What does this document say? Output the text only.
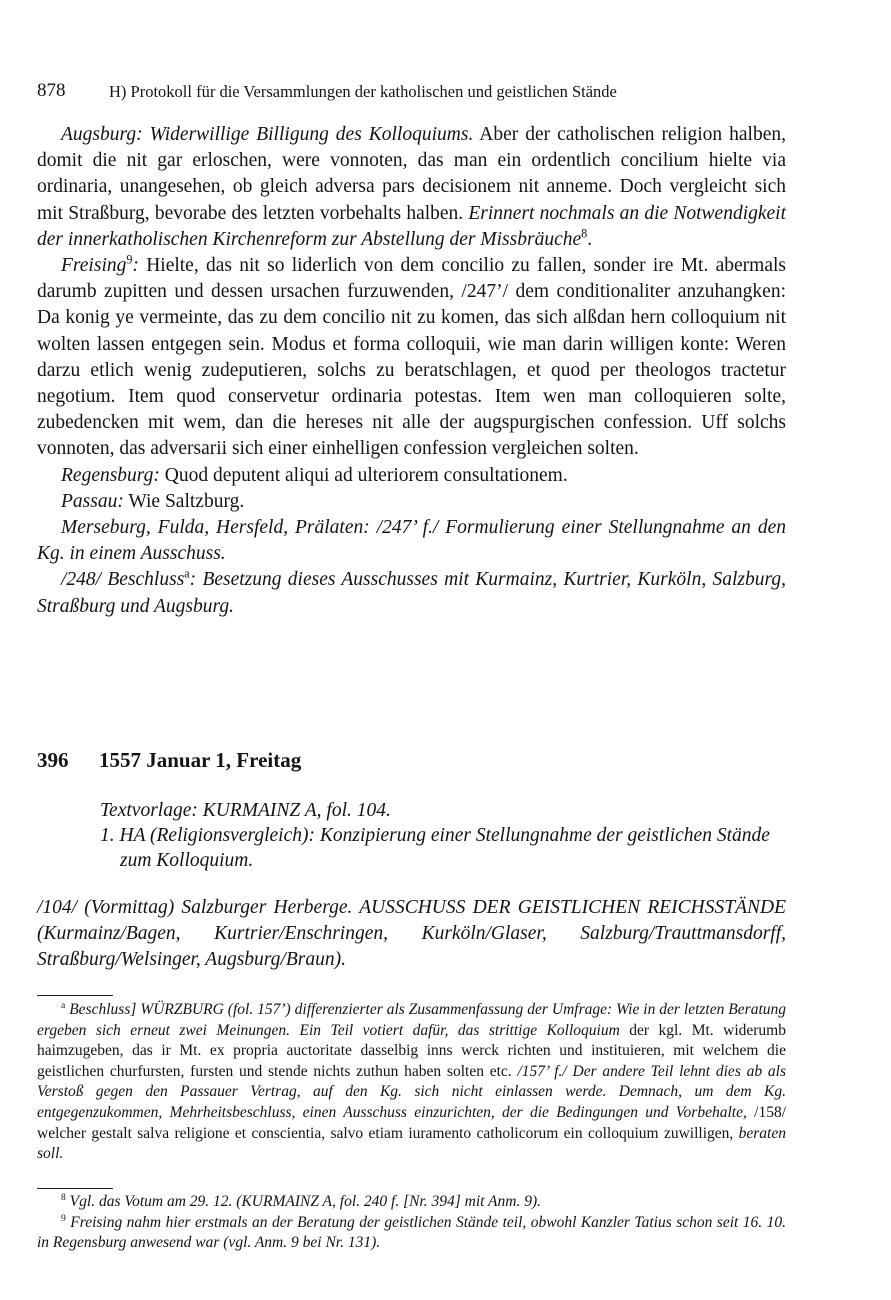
878	H) Protokoll für die Versammlungen der katholischen und geistlichen Stände

Augsburg: Widerwillige Billigung des Kolloquiums. Aber der catholischen religion halben, domit die nit gar erloschen, were vonnoten, das man ein ordentlich concilium hielte via ordinaria, unangesehen, ob gleich adversa pars decisionem nit anneme. Doch vergleicht sich mit Straßburg, bevorabe des letzten vorbehalts halben. Erinnert nochmals an die Notwendigkeit der innerkatholischen Kirchenreform zur Abstellung der Missbräuche$^8$.

Freising$^9$: Hielte, das nit so liderlich von dem concilio zu fallen, sonder ire Mt. abermals darumb zupitten und dessen ursachen furzuwenden, /247’/ dem conditionaliter anzuhangken: Da konig ye vermeinte, das zu dem concilio nit zu komen, das sich alßdan hern colloquium nit wolten lassen entgegen sein. Modus et forma colloquii, wie man darin willigen konte: Weren darzu etlich wenig zudeputieren, solchs zu beratschlagen, et quod per theologos tractetur negotium. Item quod conservetur ordinaria potestas. Item wen man colloquieren solte, zubedencken mit wem, dan die hereses nit alle der augspurgischen confession. Uff solchs vonnoten, das adversarii sich einer einhelligen confession vergleichen solten.

Regensburg: Quod deputent aliqui ad ulteriorem consultationem.

Passau: Wie Saltzburg.

Merseburg, Fulda, Hersfeld, Prälaten: /247’ f./ Formulierung einer Stellungnahme an den Kg. in einem Ausschuss.

/248/ Beschluss$^a$: Besetzung dieses Ausschusses mit Kurmainz, Kurtrier, Kurköln, Salzburg, Straßburg und Augsburg.

396 1557 Januar 1, Freitag

Textvorlage: KURMAINZ A, fol. 104.

1. HA (Religionsvergleich): Konzipierung einer Stellungnahme der geistlichen Stände zum Kolloquium.

/104/ (Vormittag) Salzburger Herberge. AUSSCHUSS DER GEISTLICHEN REICHSSTÄNDE (Kurmainz/Bagen, Kurtrier/Enschringen, Kurköln/Glaser, Salzburg/Trauttmansdorff, Straßburg/Welsinger, Augsburg/Braun).

$^a$ Beschluss] WÜRZBURG (fol. 157’) differenzierter als Zusammenfassung der Umfrage: Wie in der letzten Beratung ergeben sich erneut zwei Meinungen. Ein Teil votiert dafür, das strittige Kolloquium der kgl. Mt. widerumb haimzugeben, das ir Mt. ex propria auctoritate dasselbig inns werck richten und instituieren, mit welchem die geistlichen churfursten, fursten und stende nichts zuthun haben solten etc. /157’ f./ Der andere Teil lehnt dies ab als Verstoß gegen den Passauer Vertrag, auf den Kg. sich nicht einlassen werde. Demnach, um dem Kg. entgegenzukommen, Mehrheitsbeschluss, einen Ausschuss einzurichten, der die Bedingungen und Vorbehalte, /158/ welcher gestalt salva religione et conscientia, salvo etiam iuramento catholicorum ein colloquium zuwilligen, beraten soll.

$^8$ Vgl. das Votum am 29. 12. (KURMAINZ A, fol. 240 f. [Nr. 394] mit Anm. 9).

$^9$ Freising nahm hier erstmals an der Beratung der geistlichen Stände teil, obwohl Kanzler Tatius schon seit 16. 10. in Regensburg anwesend war (vgl. Anm. 9 bei Nr. 131).
